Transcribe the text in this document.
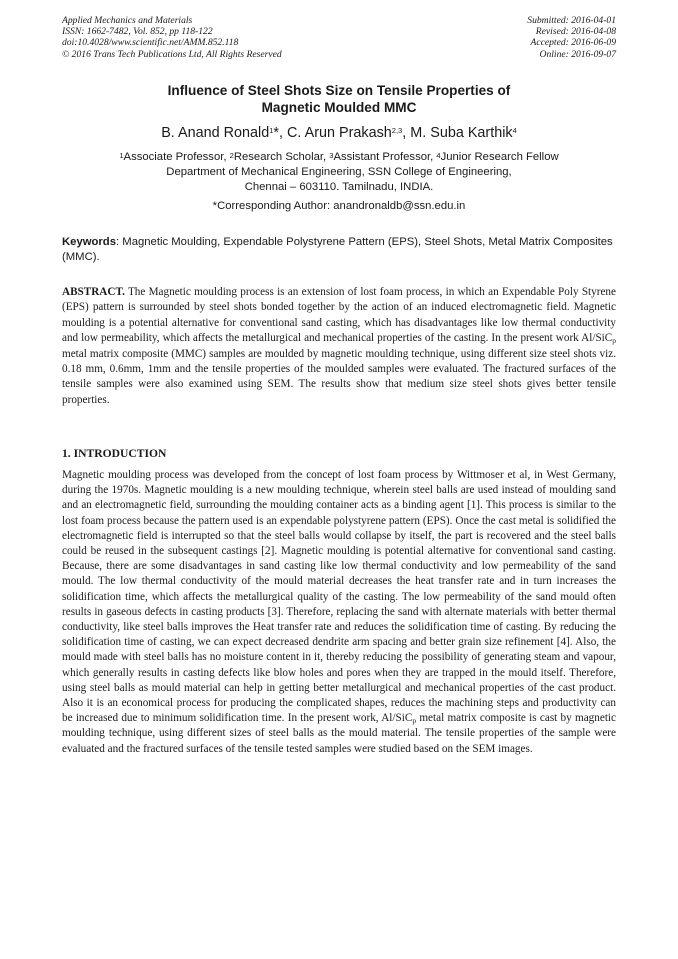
Applied Mechanics and Materials
ISSN: 1662-7482, Vol. 852, pp 118-122
doi:10.4028/www.scientific.net/AMM.852.118
© 2016 Trans Tech Publications Ltd, All Rights Reserved
Submitted: 2016-04-01
Revised: 2016-04-08
Accepted: 2016-06-09
Online: 2016-09-07
Influence of Steel Shots Size on Tensile Properties of
Magnetic Moulded MMC
B. Anand Ronald$^1$*, C. Arun Prakash$^{2,3}$, M. Suba Karthik$^4$
$^1$Associate Professor, $^2$Research Scholar, $^3$Assistant Professor, $^4$Junior Research Fellow
Department of Mechanical Engineering, SSN College of Engineering,
Chennai – 603110. Tamilnadu, INDIA.
*Corresponding Author: anandronaldb@ssn.edu.in
Keywords: Magnetic Moulding, Expendable Polystyrene Pattern (EPS), Steel Shots, Metal Matrix Composites (MMC).
ABSTRACT. The Magnetic moulding process is an extension of lost foam process, in which an Expendable Poly Styrene (EPS) pattern is surrounded by steel shots bonded together by the action of an induced electromagnetic field. Magnetic moulding is a potential alternative for conventional sand casting, which has disadvantages like low thermal conductivity and low permeability, which affects the metallurgical and mechanical properties of the casting. In the present work Al/SiC$_p$ metal matrix composite (MMC) samples are moulded by magnetic moulding technique, using different size steel shots viz. 0.18 mm, 0.6mm, 1mm and the tensile properties of the moulded samples were evaluated. The fractured surfaces of the tensile samples were also examined using SEM. The results show that medium size steel shots gives better tensile properties.
1. INTRODUCTION
Magnetic moulding process was developed from the concept of lost foam process by Wittmoser et al, in West Germany, during the 1970s. Magnetic moulding is a new moulding technique, wherein steel balls are used instead of moulding sand and an electromagnetic field, surrounding the moulding container acts as a binding agent [1]. This process is similar to the lost foam process because the pattern used is an expendable polystyrene pattern (EPS). Once the cast metal is solidified the electromagnetic field is interrupted so that the steel balls would collapse by itself, the part is recovered and the steel balls could be reused in the subsequent castings [2]. Magnetic moulding is potential alternative for conventional sand casting. Because, there are some disadvantages in sand casting like low thermal conductivity and low permeability of the sand mould. The low thermal conductivity of the mould material decreases the heat transfer rate and in turn increases the solidification time, which affects the metallurgical quality of the casting. The low permeability of the sand mould often results in gaseous defects in casting products [3]. Therefore, replacing the sand with alternate materials with better thermal conductivity, like steel balls improves the Heat transfer rate and reduces the solidification time of casting. By reducing the solidification time of casting, we can expect decreased dendrite arm spacing and better grain size refinement [4]. Also, the mould made with steel balls has no moisture content in it, thereby reducing the possibility of generating steam and vapour, which generally results in casting defects like blow holes and pores when they are trapped in the mould itself. Therefore, using steel balls as mould material can help in getting better metallurgical and mechanical properties of the cast product. Also it is an economical process for producing the complicated shapes, reduces the machining steps and productivity can be increased due to minimum solidification time. In the present work, Al/SiC$_p$ metal matrix composite is cast by magnetic moulding technique, using different sizes of steel balls as the mould material. The tensile properties of the sample were evaluated and the fractured surfaces of the tensile tested samples were studied based on the SEM images.
